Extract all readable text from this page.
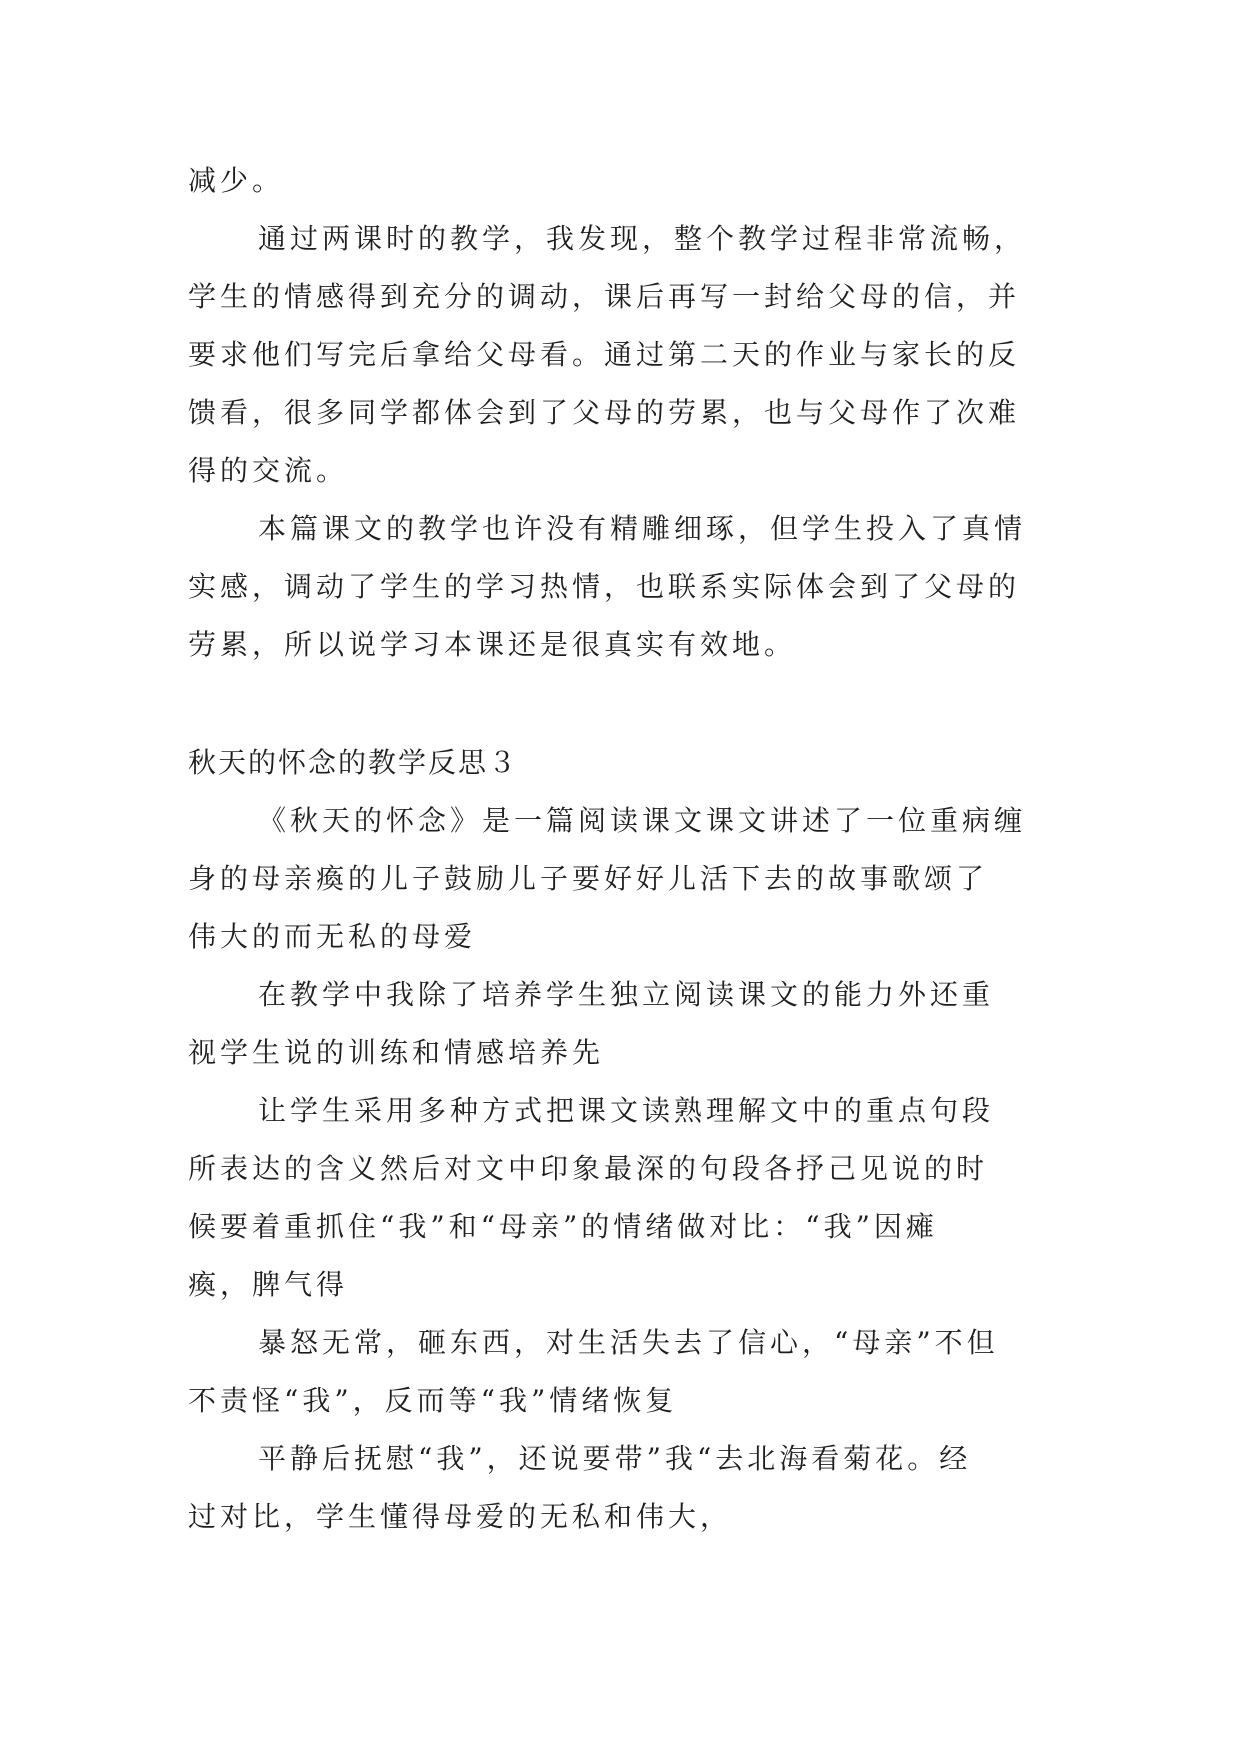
减少。
通过两课时的教学，我发现，整个教学过程非常流畅，
学生的情感得到充分的调动，课后再写一封给父母的信，并
要求他们写完后拿给父母看。通过第二天的作业与家长的反
馈看，很多同学都体会到了父母的劳累，也与父母作了次难
得的交流。
本篇课文的教学也许没有精雕细琢，但学生投入了真情
实感，调动了学生的学习热情，也联系实际体会到了父母的
劳累，所以说学习本课还是很真实有效地。
秋天的怀念的教学反思３
《秋天的怀念》是一篇阅读课文课文讲述了一位重病缠
身的母亲瘓的儿子鼓励儿子要好好儿活下去的故事歌颂了
伟大的而无私的母爱
在教学中我除了培养学生独立阅读课文的能力外还重
视学生说的训练和情感培养先
让学生采用多种方式把课文读熟理解文中的重点句段
所表达的含义然后对文中印象最深的句段各抒己见说的时
候要着重抓住“我”和“母亲”的情绪做对比：“我”因瘫
瘓，脾气得
暴怒无常，砸东西，对生活失去了信心，“母亲”不但
不责怪“我”，反而等“我”情绪恢复
平静后抚慰“我”，还说要带”我“去北海看菊花。经
过对比，学生懂得母爱的无私和伟大，
